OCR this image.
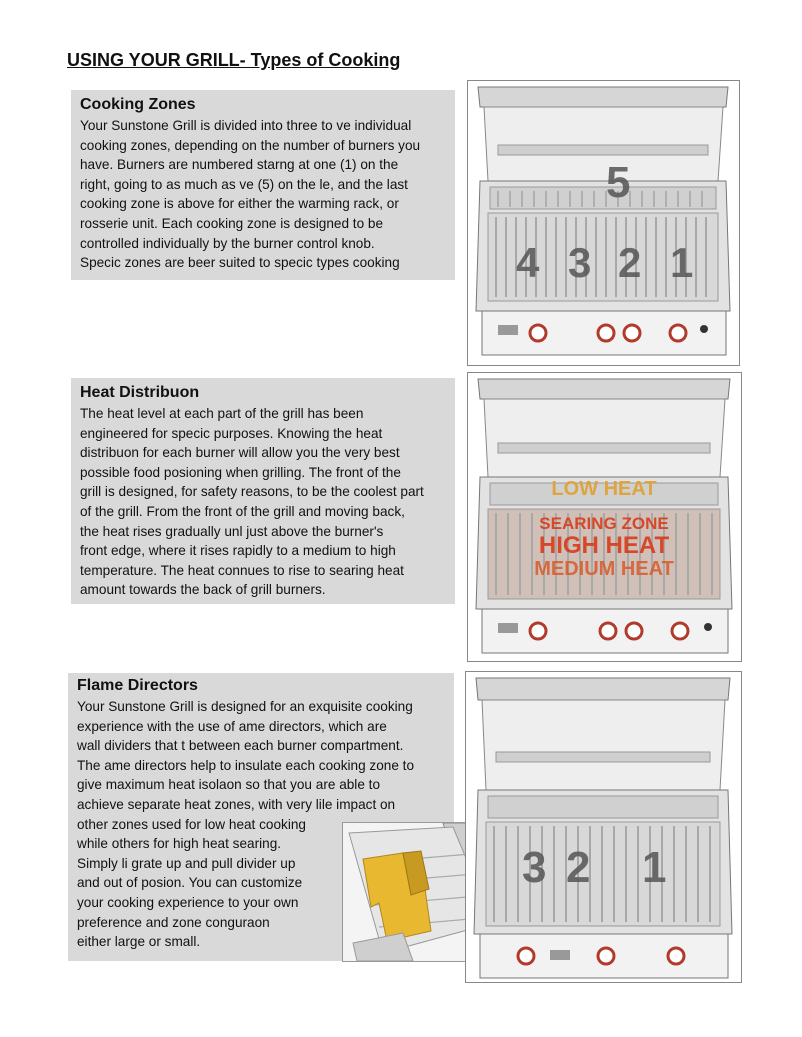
USING YOUR GRILL- Types of Cooking
Cooking Zones

Your Sunstone Grill is divided into three to ve individual
cooking zones, depending on the number of burners you
have. Burners are numbered starng at one (1) on the
right, going to as much as ve (5) on the le, and the last
cooking zone is above for either the warming rack, or
rosserie unit. Each cooking zone is designed to be
controlled individually by the burner control knob.
Specic zones are beer suited to specic types cooking

Heat Distribuon

The heat level at each part of the grill has been
engineered for specic purposes. Knowing the heat
distribuon for each burner will allow you the very best
possible food posioning when grilling. The front of the
grill is designed, for safety reasons, to be the coolest part
of the grill. From the front of the grill and moving back,
the heat rises gradually unl just above the burner's
front edge, where it rises rapidly to a medium to high
temperature. The heat connues to rise to searing heat
amount towards the back of grill burners.

Flame Directors
Your Sunstone Grill is designed for an exquisite cooking
experience with the use of ame directors, which are
wall dividers that t between each burner compartment.
The ame directors help to insulate each cooking zone to
give maximum heat isolaon so that you are able to
achieve separate heat zones, with very lile impact on
other zones used for low heat cooking
while others for high heat searing.
Simply li grate up and pull divider up
and out of posion. You can customize
your cooking experience to your own
preference and zone conguraon
either large or small.
5
4 3 2 1
LOW HEAT
SEARING ZONE
HIGH HEAT
MEDIUM HEAT
3 2 1
